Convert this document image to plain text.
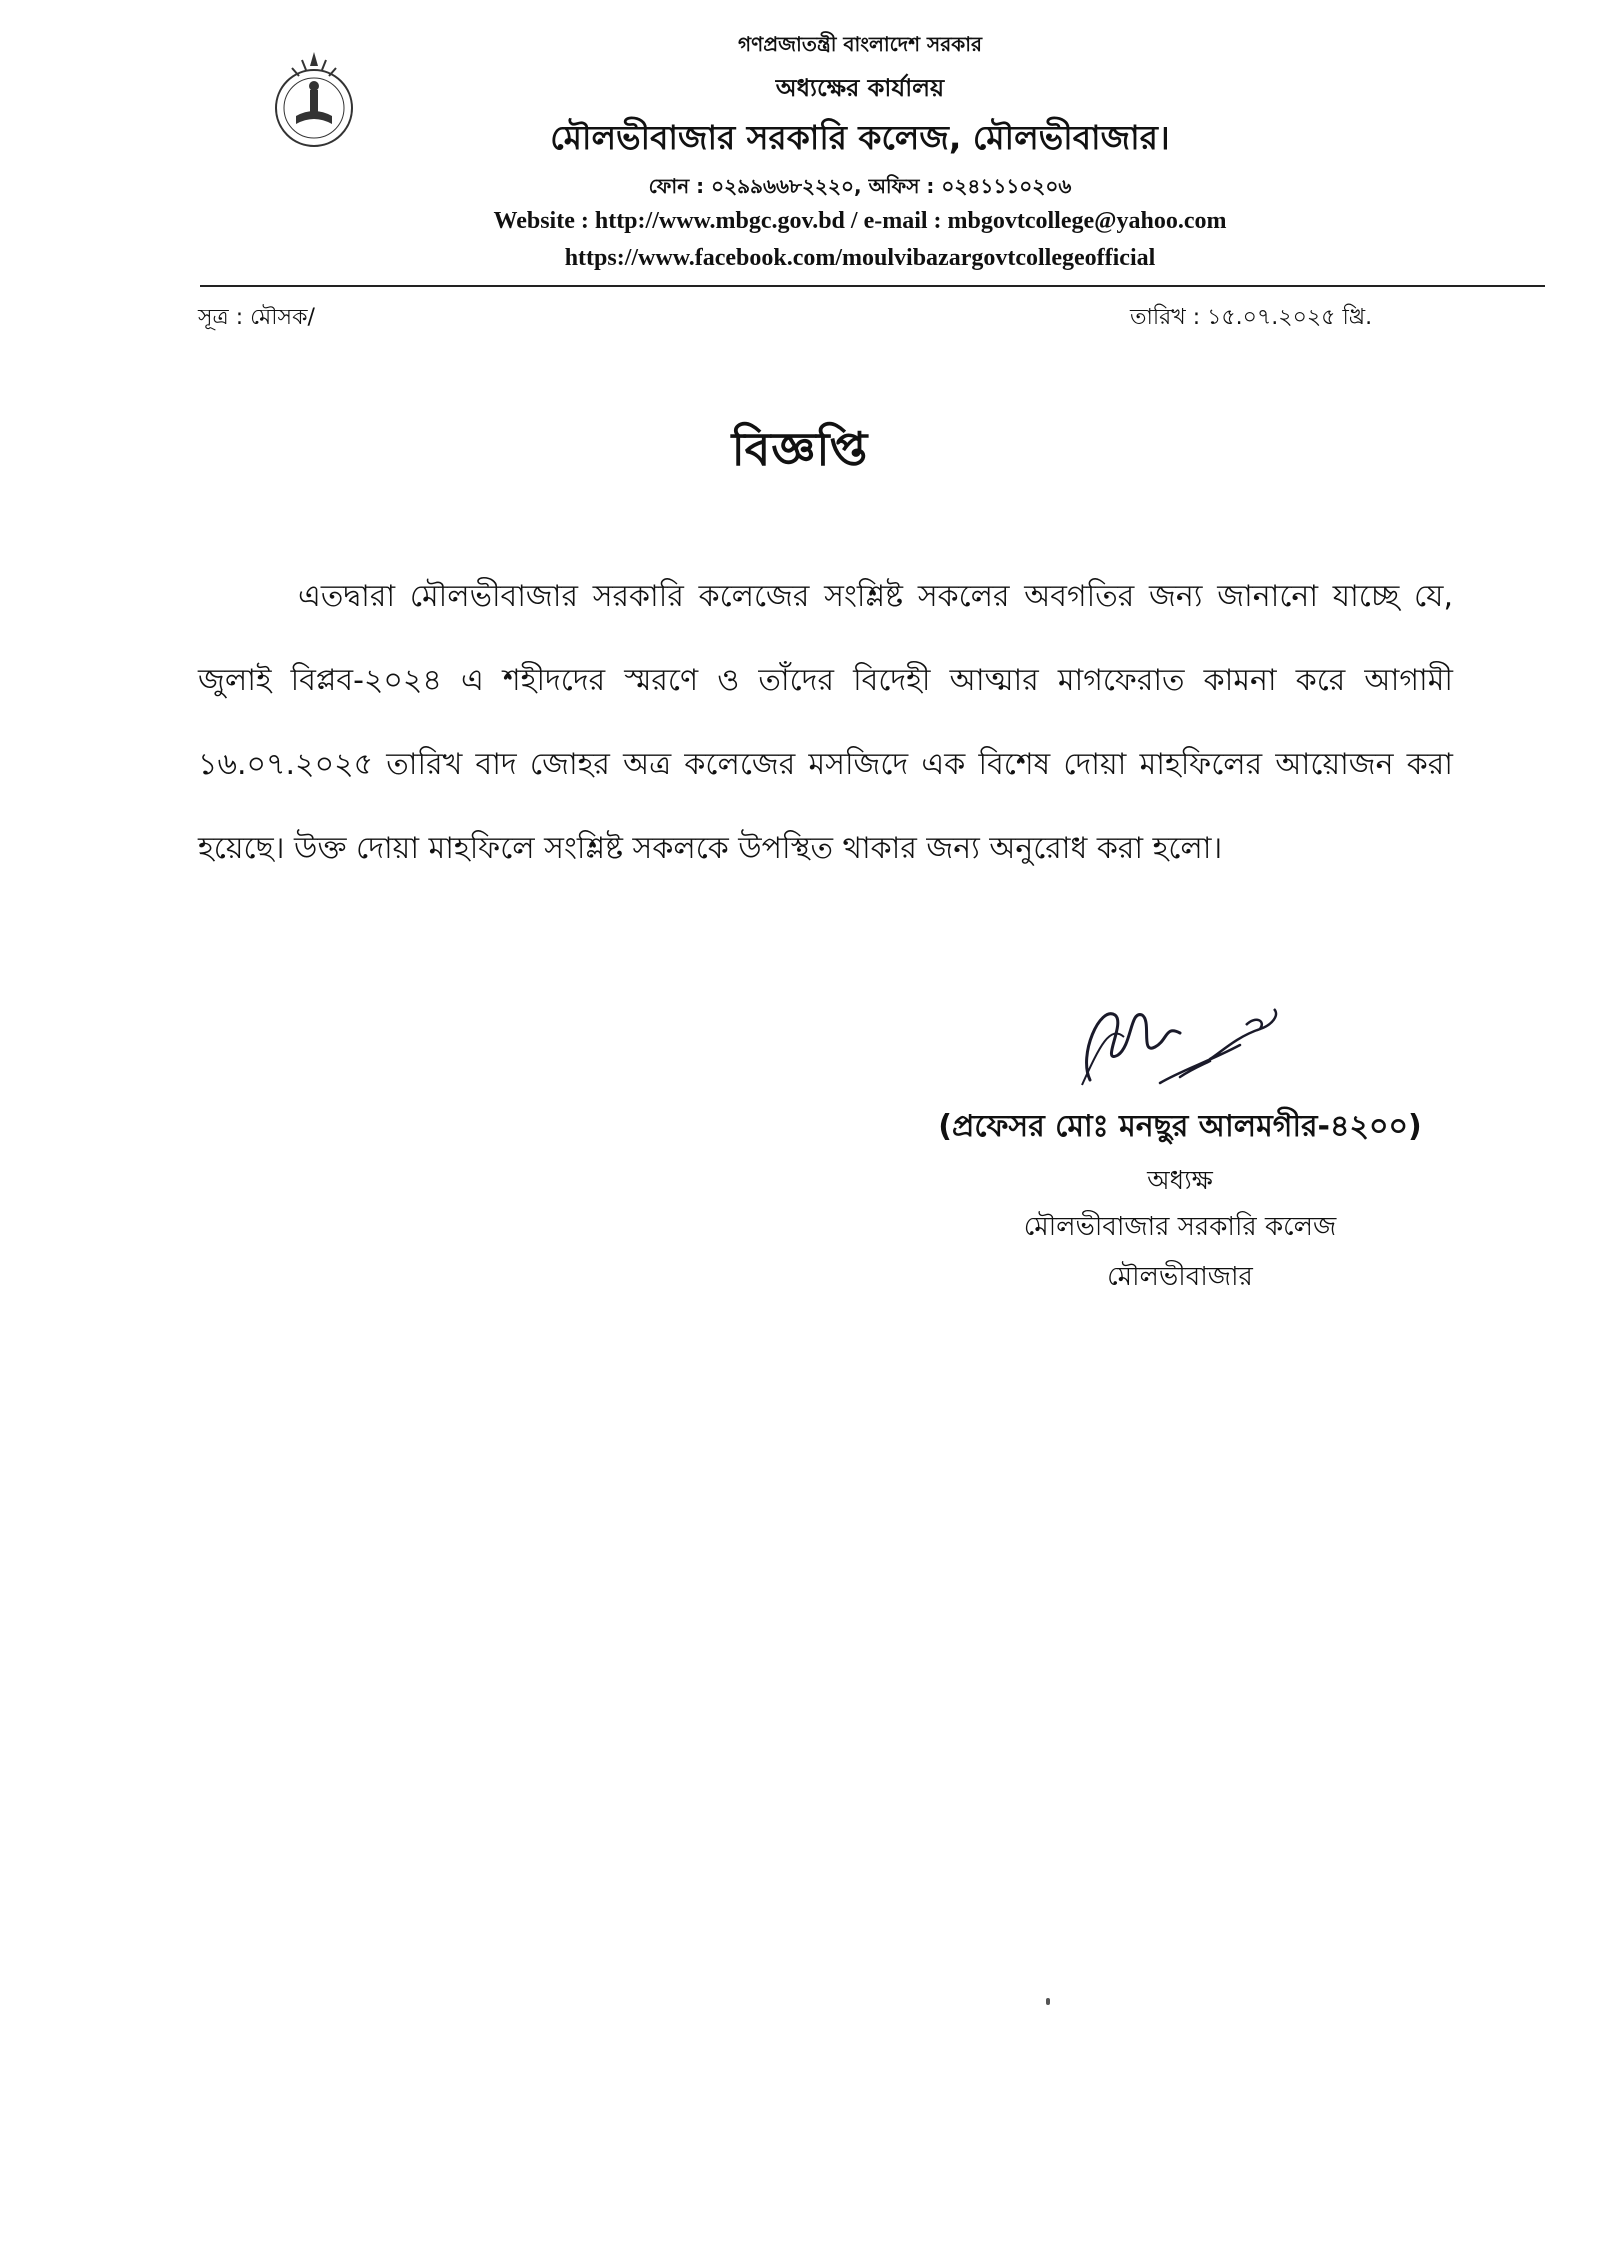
গণপ্রজাতন্ত্রী বাংলাদেশ সরকার
অধ্যক্ষের কার্যালয়
মৌলভীবাজার সরকারি কলেজ, মৌলভীবাজার।
ফোন : ০২৯৯৬৬৮২২২০, অফিস : ০২৪১১১০২০৬
Website : http://www.mbgc.gov.bd / e-mail : mbgovtcollege@yahoo.com
https://www.facebook.com/moulvibazargovtcollegeofficial
সূত্র : মৌসক/	তারিখ : ১৫.০৭.২০২৫ খ্রি.
বিজ্ঞপ্তি
এতদ্বারা মৌলভীবাজার সরকারি কলেজের সংশ্লিষ্ট সকলের অবগতির জন্য জানানো যাচ্ছে যে, জুলাই বিপ্লব-২০২৪ এ শহীদদের স্মরণে ও তাঁদের বিদেহী আত্মার মাগফেরাত কামনা করে আগামী ১৬.০৭.২০২৫ তারিখ বাদ জোহর অত্র কলেজের মসজিদে এক বিশেষ দোয়া মাহফিলের আয়োজন করা হয়েছে। উক্ত দোয়া মাহফিলে সংশ্লিষ্ট সকলকে উপস্থিত থাকার জন্য অনুরোধ করা হলো।
(প্রফেসর মোঃ মনছুর আলমগীর-৪২০০)
অধ্যক্ষ
মৌলভীবাজার সরকারি কলেজ
মৌলভীবাজার
